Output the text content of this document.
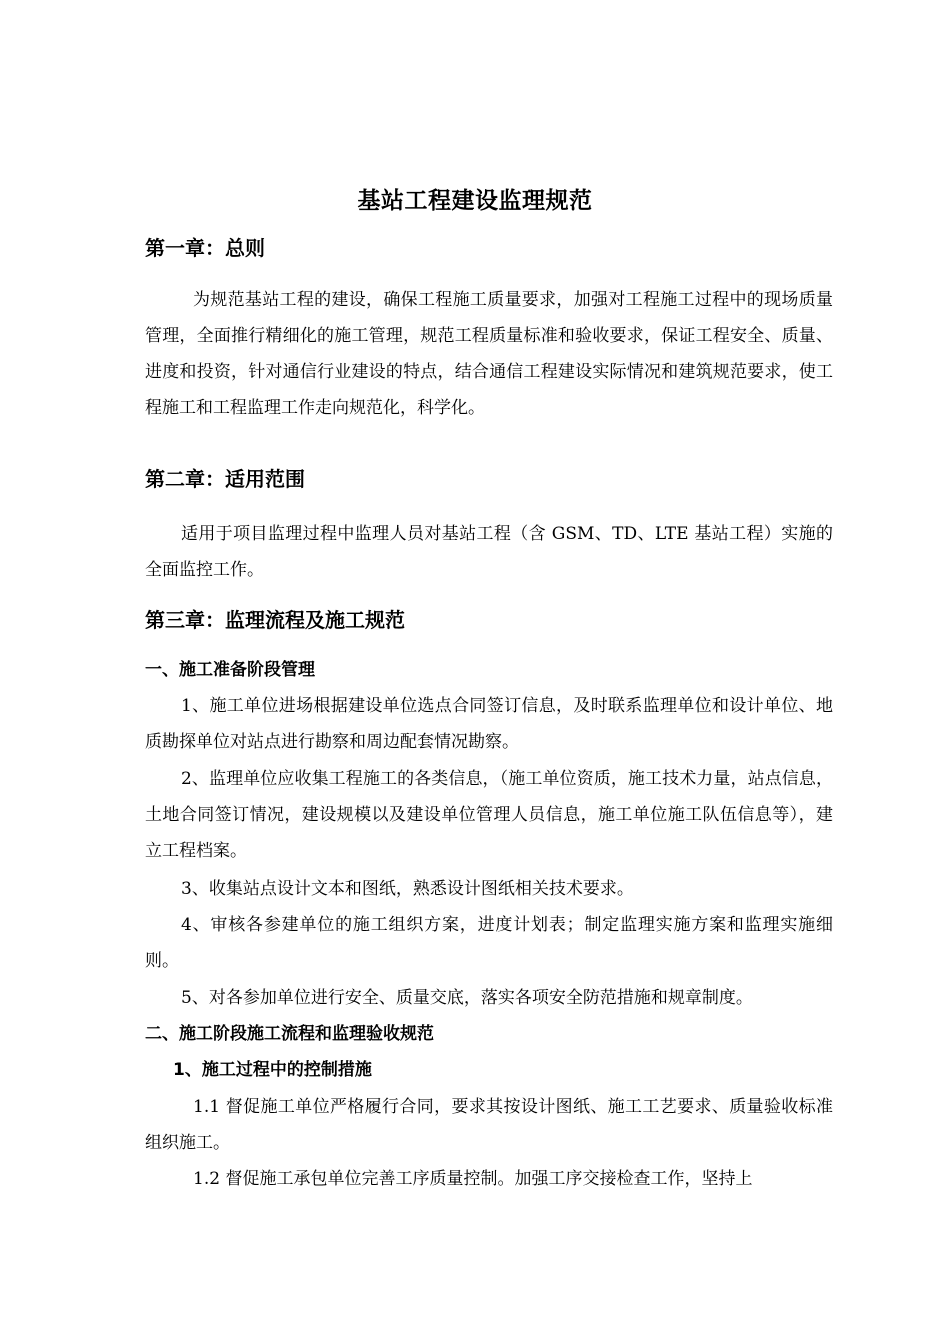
基站工程建设监理规范
第一章：总则

为规范基站工程的建设，确保工程施工质量要求，加强对工程施工过程中的现场质量管理，全面推行精细化的施工管理，规范工程质量标准和验收要求，保证工程安全、质量、进度和投资，针对通信行业建设的特点，结合通信工程建设实际情况和建筑规范要求，使工程施工和工程监理工作走向规范化，科学化。

第二章：适用范围

适用于项目监理过程中监理人员对基站工程（含 GSM、TD、LTE 基站工程）实施的全面监控工作。

第三章：监理流程及施工规范
一、施工准备阶段管理

1、施工单位进场根据建设单位选点合同签订信息，及时联系监理单位和设计单位、地质勘探单位对站点进行勘察和周边配套情况勘察。

2、监理单位应收集工程施工的各类信息，（施工单位资质，施工技术力量，站点信息，土地合同签订情况，建设规模以及建设单位管理人员信息，施工单位施工队伍信息等），建立工程档案。

3、收集站点设计文本和图纸，熟悉设计图纸相关技术要求。

4、审核各参建单位的施工组织方案，进度计划表；制定监理实施方案和监理实施细则。

5、对各参加单位进行安全、质量交底，落实各项安全防范措施和规章制度。

二、施工阶段施工流程和监理验收规范
1、施工过程中的控制措施

1.1 督促施工单位严格履行合同，要求其按设计图纸、施工工艺要求、质量验收标准组织施工。

1.2 督促施工承包单位完善工序质量控制。加强工序交接检查工作，坚持上
